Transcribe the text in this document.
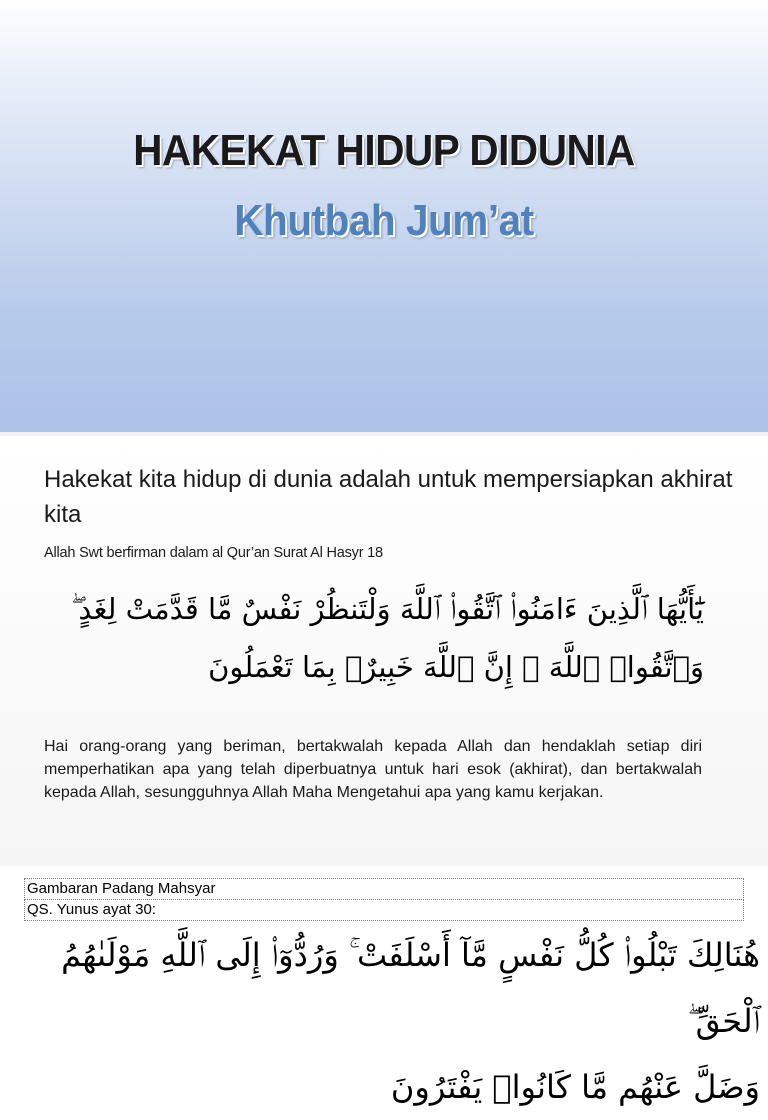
HAKEKAT HIDUP DIDUNIA
Khutbah Jum’at
Hakekat kita hidup di dunia adalah untuk mempersiapkan akhirat kita
Allah Swt berfirman dalam al Qur’an Surat Al Hasyr 18
يَٰٓأَيُّهَا ٱلَّذِينَ ءَامَنُوا۟ ٱتَّقُوا۟ ٱللَّهَ وَلْتَنظُرْ نَفْسٌ مَّا قَدَّمَتْ لِغَدٍ ۖ
وَٱتَّقُوا۟ ٱللَّهَ ۚ إِنَّ ٱللَّهَ خَبِيرٌۢ بِمَا تَعْمَلُونَ
Hai orang-orang yang beriman, bertakwalah kepada Allah dan hendaklah setiap diri memperhatikan apa yang telah diperbuatnya untuk hari esok (akhirat), dan bertakwalah kepada Allah, sesungguhnya Allah Maha Mengetahui apa yang kamu kerjakan.
Gambaran Padang Mahsyar
QS. Yunus ayat 30:
هُنَالِكَ تَبْلُوا۟ كُلُّ نَفْسٍ مَّآ أَسْلَفَتْ ۚ وَرُدُّوٓا۟ إِلَى ٱللَّهِ مَوْلَىٰهُمُ ٱلْحَقِّ ۖ
وَضَلَّ عَنْهُم مَّا كَانُوا۟ يَفْتَرُونَ
